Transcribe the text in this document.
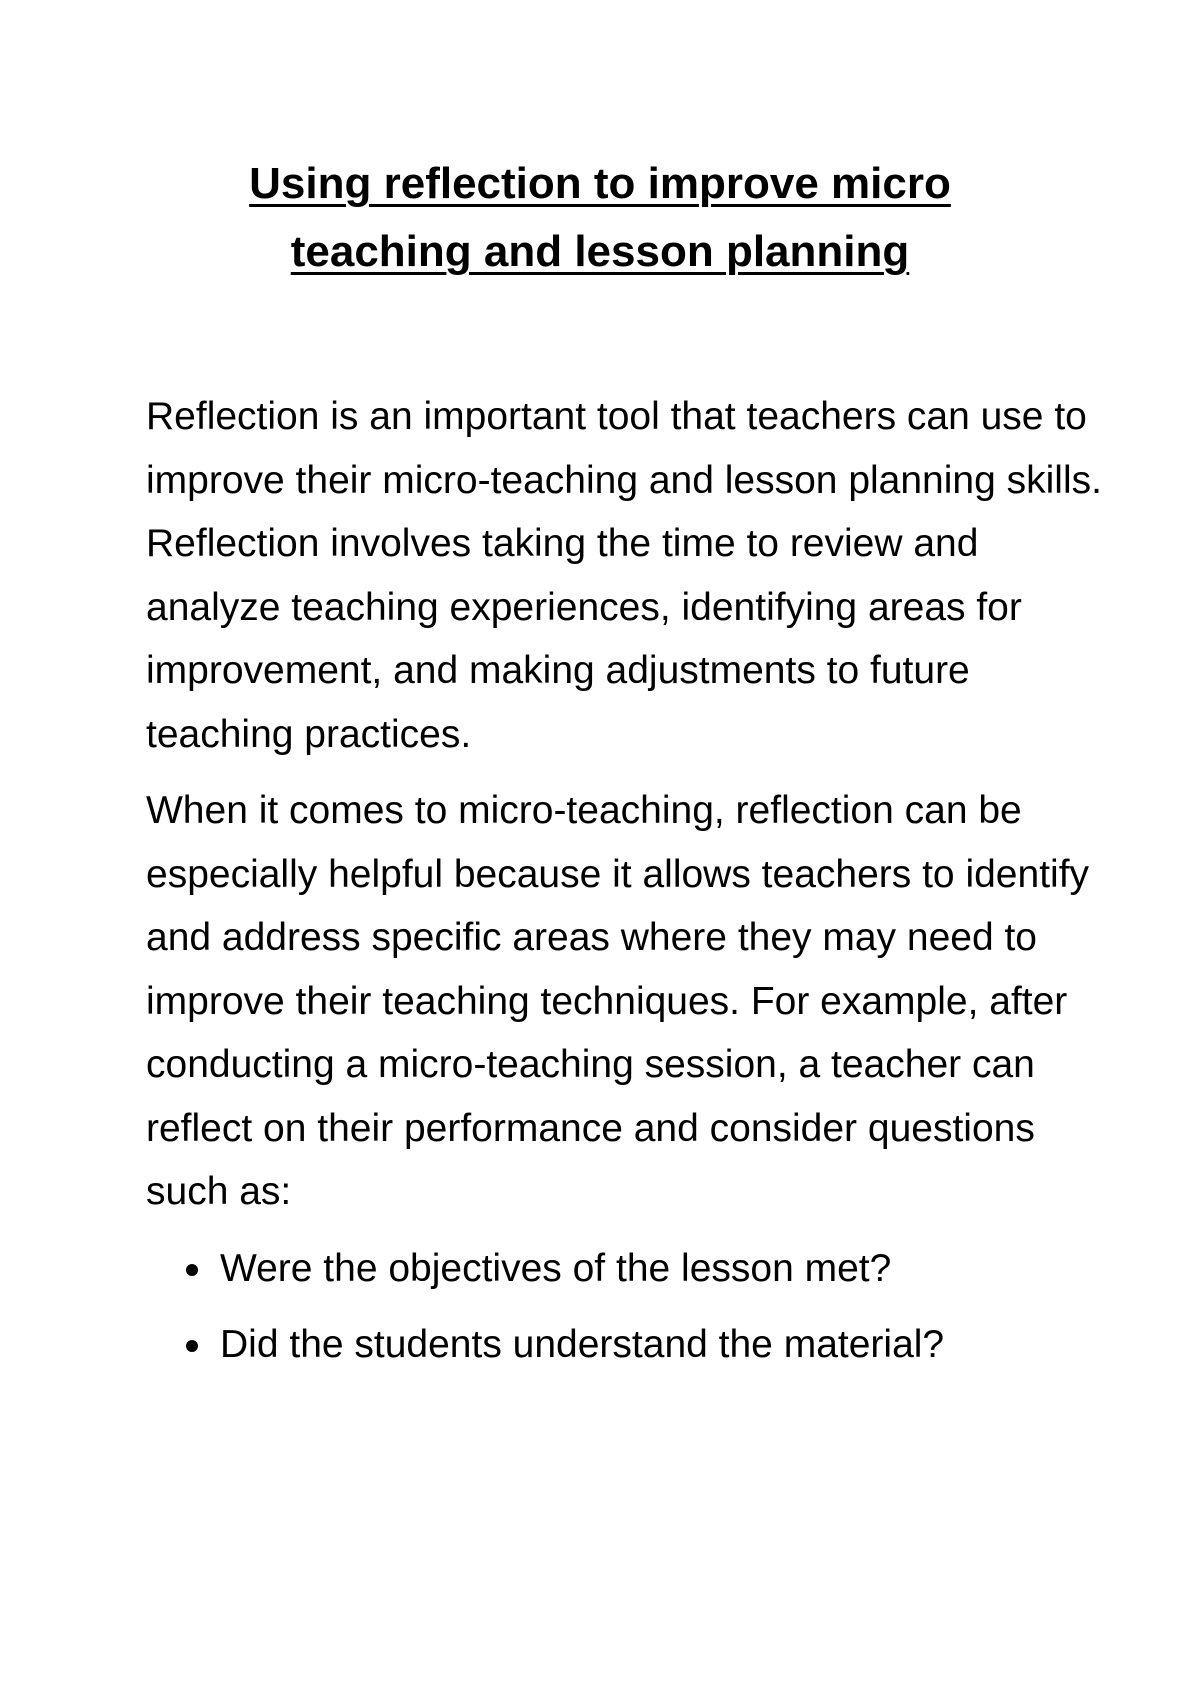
Using reflection to improve micro
teaching and lesson planning

Reflection is an important tool that teachers can use to improve their micro-teaching and lesson planning skills. Reflection involves taking the time to review and analyze teaching experiences, identifying areas for improvement, and making adjustments to future teaching practices.

When it comes to micro-teaching, reflection can be especially helpful because it allows teachers to identify and address specific areas where they may need to improve their teaching techniques. For example, after conducting a micro-teaching session, a teacher can reflect on their performance and consider questions such as:

Were the objectives of the lesson met?
Did the students understand the material?
